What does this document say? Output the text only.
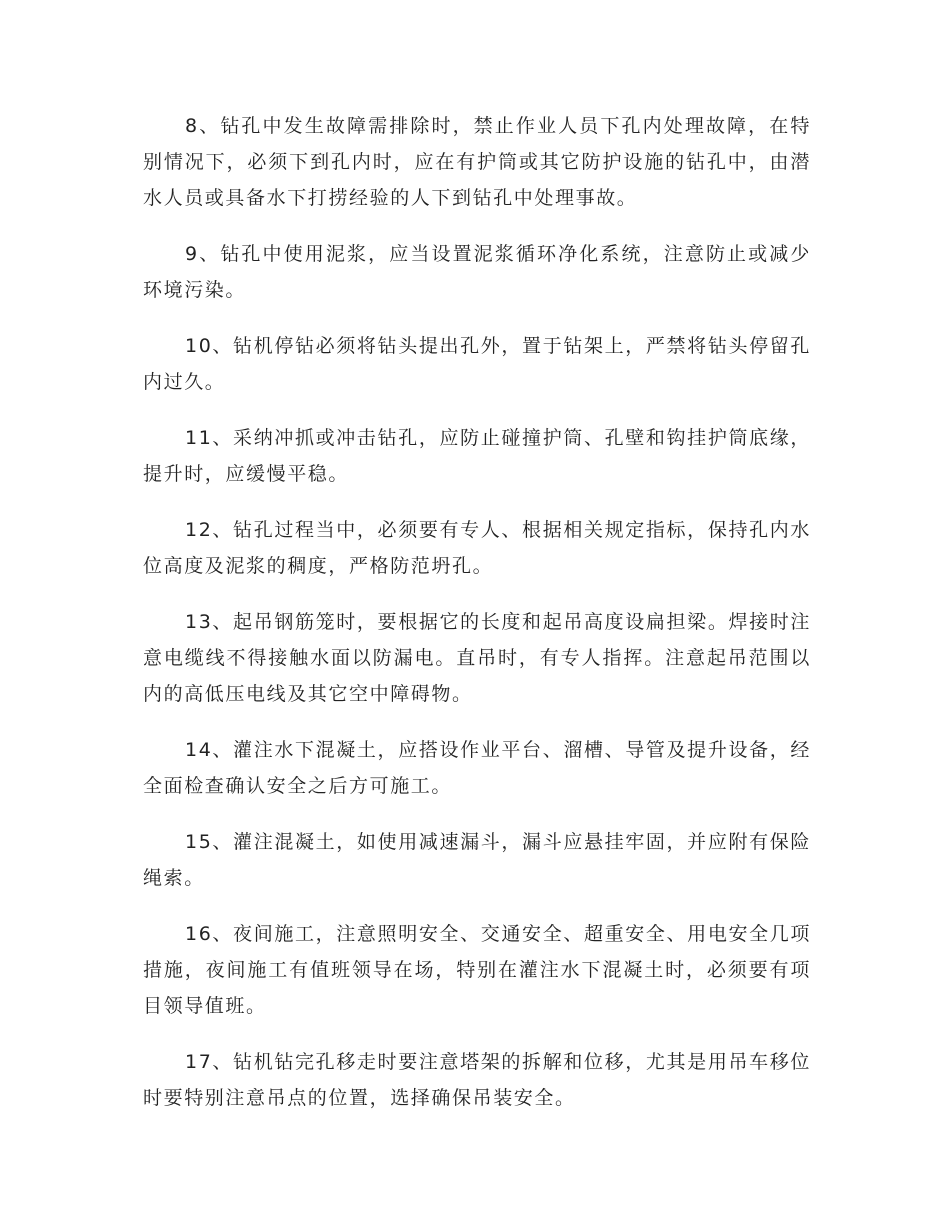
8、钻孔中发生故障需排除时，禁止作业人员下孔内处理故障，在特别情况下，必须下到孔内时，应在有护筒或其它防护设施的钻孔中，由潜水人员或具备水下打捞经验的人下到钻孔中处理事故。

9、钻孔中使用泥浆，应当设置泥浆循环净化系统，注意防止或减少环境污染。

10、钻机停钻必须将钻头提出孔外，置于钻架上，严禁将钻头停留孔内过久。

11、采纳冲抓或冲击钻孔，应防止碰撞护筒、孔壁和钩挂护筒底缘，提升时，应缓慢平稳。

12、钻孔过程当中，必须要有专人、根据相关规定指标，保持孔内水位高度及泥浆的稠度，严格防范坍孔。

13、起吊钢筋笼时，要根据它的长度和起吊高度设扁担梁。焊接时注意电缆线不得接触水面以防漏电。直吊时，有专人指挥。注意起吊范围以内的高低压电线及其它空中障碍物。

14、灌注水下混凝土，应搭设作业平台、溜槽、导管及提升设备，经全面检查确认安全之后方可施工。

15、灌注混凝土，如使用减速漏斗，漏斗应悬挂牢固，并应附有保险绳索。

16、夜间施工，注意照明安全、交通安全、超重安全、用电安全几项措施，夜间施工有值班领导在场，特别在灌注水下混凝土时，必须要有项目领导值班。

17、钻机钻完孔移走时要注意塔架的拆解和位移，尤其是用吊车移位时要特别注意吊点的位置，选择确保吊装安全。
